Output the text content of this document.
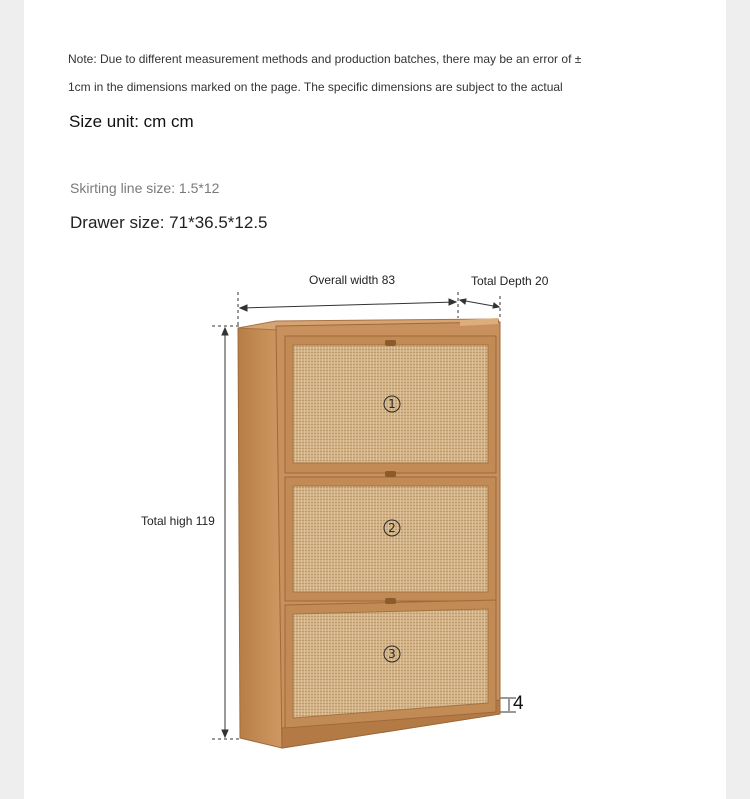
Note: Due to different measurement methods and production batches, there may be an error of ±
1cm in the dimensions marked on the page. The specific dimensions are subject to the actual
Size unit: cm cm
Skirting line size: 1.5*12
Drawer size: 71*36.5*12.5
1
2
3
Overall width 83	Total Depth 20
Total high 119
4
